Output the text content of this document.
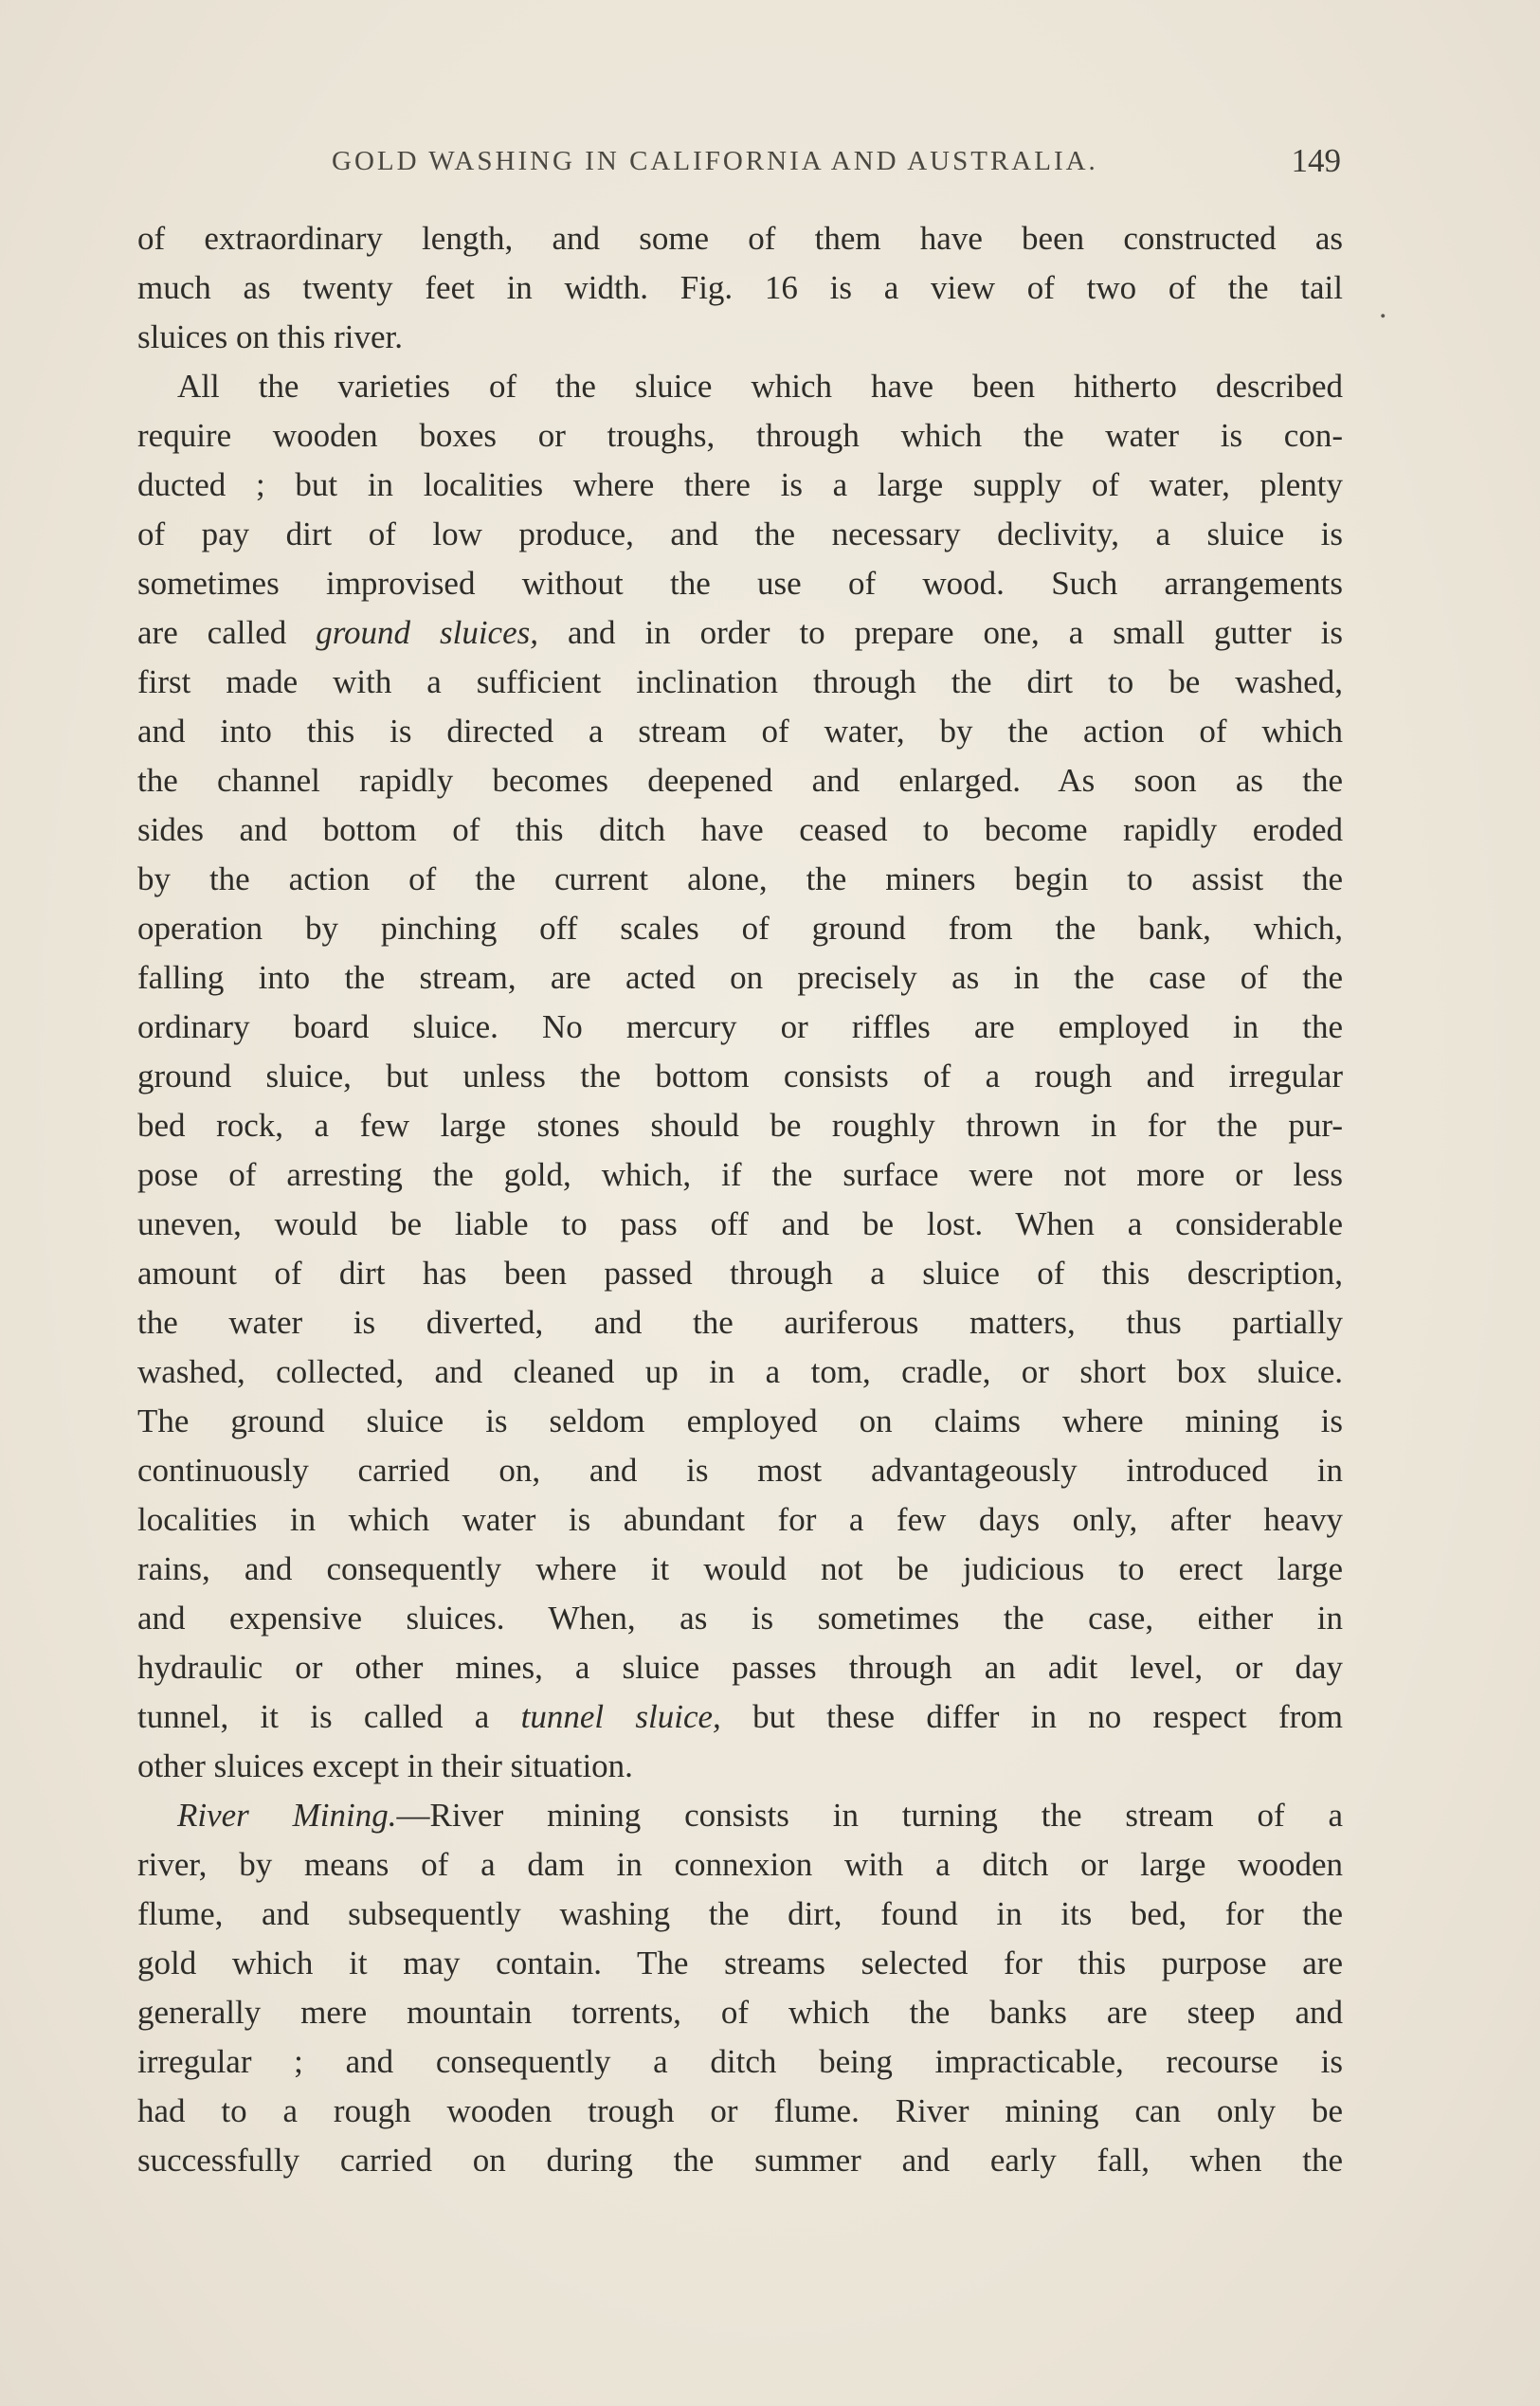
GOLD WASHING IN CALIFORNIA AND AUSTRALIA.	149
.
of extraordinary length, and some of them have been constructed as
much as twenty feet in width. Fig. 16 is a view of two of the tail
sluices on this river.
All the varieties of the sluice which have been hitherto described
require wooden boxes or troughs, through which the water is con-
ducted ; but in localities where there is a large supply of water, plenty
of pay dirt of low produce, and the necessary declivity, a sluice is
sometimes improvised without the use of wood. Such arrangements
are called ground sluices, and in order to prepare one, a small gutter is
first made with a sufficient inclination through the dirt to be washed,
and into this is directed a stream of water, by the action of which
the channel rapidly becomes deepened and enlarged. As soon as the
sides and bottom of this ditch have ceased to become rapidly eroded
by the action of the current alone, the miners begin to assist the
operation by pinching off scales of ground from the bank, which,
falling into the stream, are acted on precisely as in the case of the
ordinary board sluice. No mercury or riffles are employed in the
ground sluice, but unless the bottom consists of a rough and irregular
bed rock, a few large stones should be roughly thrown in for the pur-
pose of arresting the gold, which, if the surface were not more or less
uneven, would be liable to pass off and be lost. When a considerable
amount of dirt has been passed through a sluice of this description,
the water is diverted, and the auriferous matters, thus partially
washed, collected, and cleaned up in a tom, cradle, or short box sluice.
The ground sluice is seldom employed on claims where mining is
continuously carried on, and is most advantageously introduced in
localities in which water is abundant for a few days only, after heavy
rains, and consequently where it would not be judicious to erect large
and expensive sluices. When, as is sometimes the case, either in
hydraulic or other mines, a sluice passes through an adit level, or day
tunnel, it is called a tunnel sluice, but these differ in no respect from
other sluices except in their situation.
River Mining.—River mining consists in turning the stream of a
river, by means of a dam in connexion with a ditch or large wooden
flume, and subsequently washing the dirt, found in its bed, for the
gold which it may contain. The streams selected for this purpose are
generally mere mountain torrents, of which the banks are steep and
irregular ; and consequently a ditch being impracticable, recourse is
had to a rough wooden trough or flume. River mining can only be
successfully carried on during the summer and early fall, when the
